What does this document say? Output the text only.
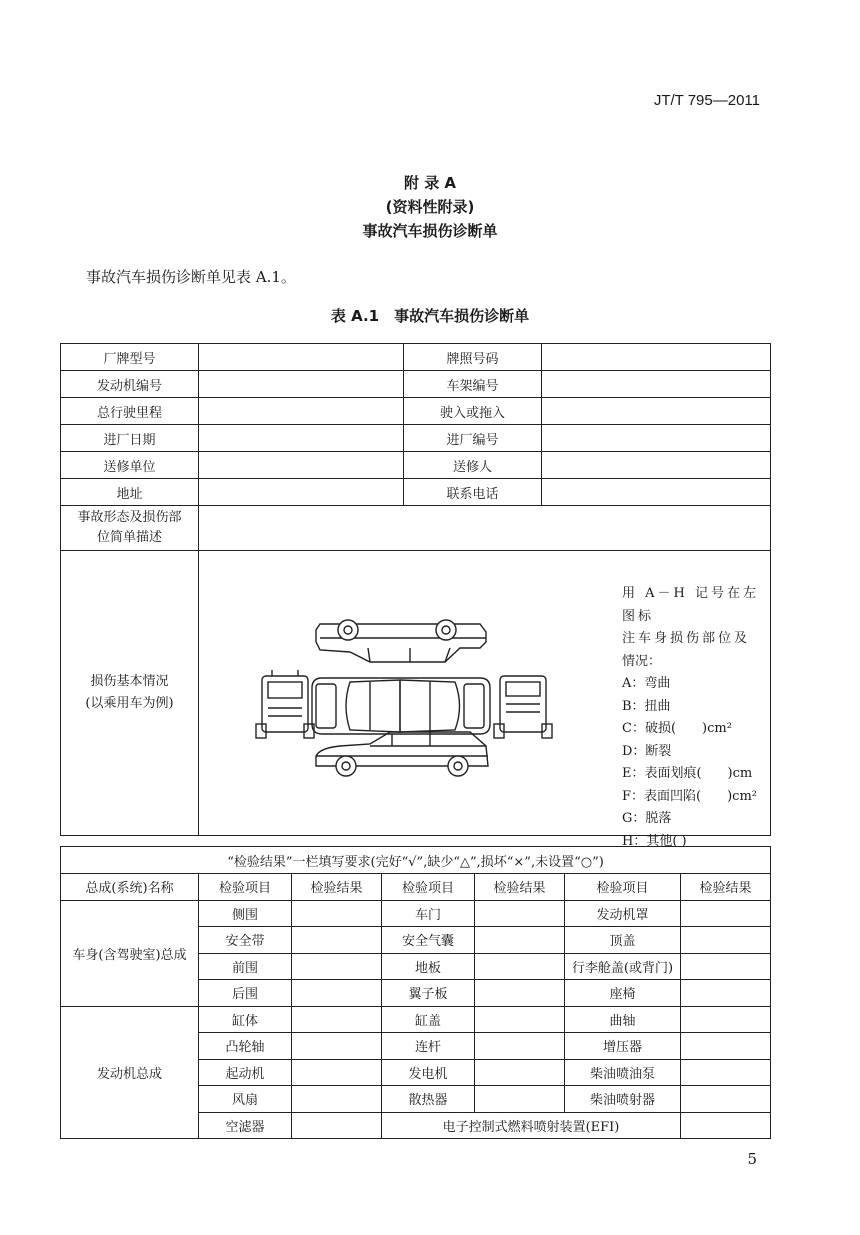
JT/T 795—2011
附 录 A
(资料性附录)
事故汽车损伤诊断单
事故汽车损伤诊断单见表 A.1。
表 A.1　事故汽车损伤诊断单
厂牌型号		牌照号码	
发动机编号		车架编号	
总行驶里程		驶入或拖入	
进厂日期		进厂编号	
送修单位		送修人	
地址		联系电话	

事故形态及损伤部
位简单描述			

损伤基本情况
(以乘用车为例)			

用 A－H 记号在左图标
注车身损伤部位及
情况：
A：弯曲
B：扭曲
C：破损(　　)cm²
D：断裂
E：表面划痕(　　)cm
F：表面凹陷(　　)cm²
G：脱落
H：其他( )
“检验结果”一栏填写要求(完好“√”,缺少“△”,损坏“×”,未设置“○”)						
总成(系统)名称	检验项目	检验结果	检验项目	检验结果	检验项目	检验结果
车身(含驾驶室)总成	侧围		车门		发动机罩	
	安全带		安全气囊		顶盖	
	前围		地板		行李舱盖(或背门)	
	后围		翼子板		座椅	
发动机总成	缸体		缸盖		曲轴	
	凸轮轴		连杆		增压器	
	起动机		发电机		柴油喷油泵	
	风扇		散热器		柴油喷射器	
	空滤器		电子控制式燃料喷射装置(EFI)			
5
